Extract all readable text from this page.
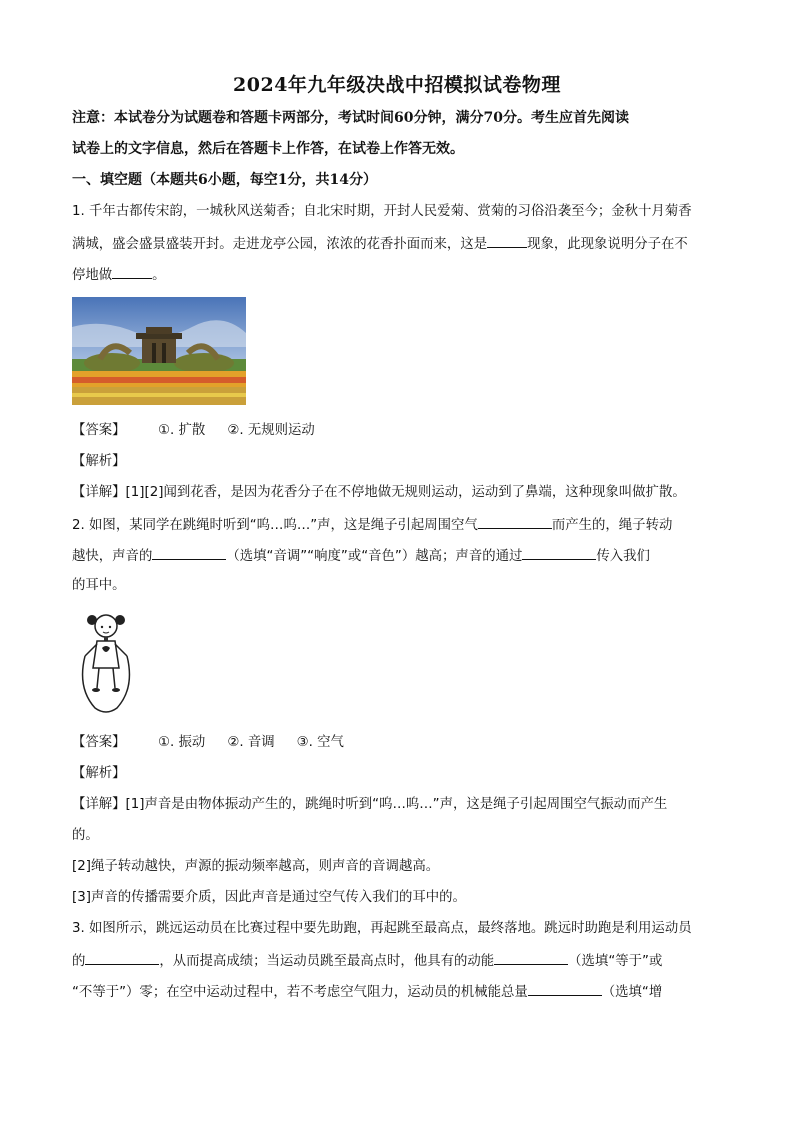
2024年九年级决战中招模拟试卷物理
注意：本试卷分为试题卷和答题卡两部分，考试时间60分钟，满分70分。考生应首先阅读
试卷上的文字信息，然后在答题卡上作答，在试卷上作答无效。
一、填空题（本题共6小题，每空1分，共14分）
1. 千年古都传宋韵，一城秋风送菊香；自北宋时期，开封人民爱菊、赏菊的习俗沿袭至今；金秋十月菊香
满城，盛会盛景盛装开封。走进龙亭公园，浓浓的花香扑面而来，这是	现象，此现象说明分子在不
停地做	。
【答案】 ①. 扩散 ②. 无规则运动
【解析】
【详解】[1][2]闻到花香，是因为花香分子在不停地做无规则运动，运动到了鼻端，这种现象叫做扩散。
2. 如图，某同学在跳绳时听到“呜…呜…”声，这是绳子引起周围空气	而产生的，绳子转动
越快，声音的	（选填“音调”“响度”或“音色”）越高；声音的通过	传入我们
的耳中。
【答案】 ①. 振动 ②. 音调 ③. 空气
【解析】
【详解】[1]声音是由物体振动产生的，跳绳时听到“呜…呜…”声，这是绳子引起周围空气振动而产生
的。
[2]绳子转动越快，声源的振动频率越高，则声音的音调越高。
[3]声音的传播需要介质，因此声音是通过空气传入我们的耳中的。
3. 如图所示，跳远运动员在比赛过程中要先助跑，再起跳至最高点，最终落地。跳远时助跑是利用运动员
的	，从而提高成绩；当运动员跳至最高点时，他具有的动能	（选填“等于”或
“不等于”）零；在空中运动过程中，若不考虑空气阻力，运动员的机械能总量	（选填“增
